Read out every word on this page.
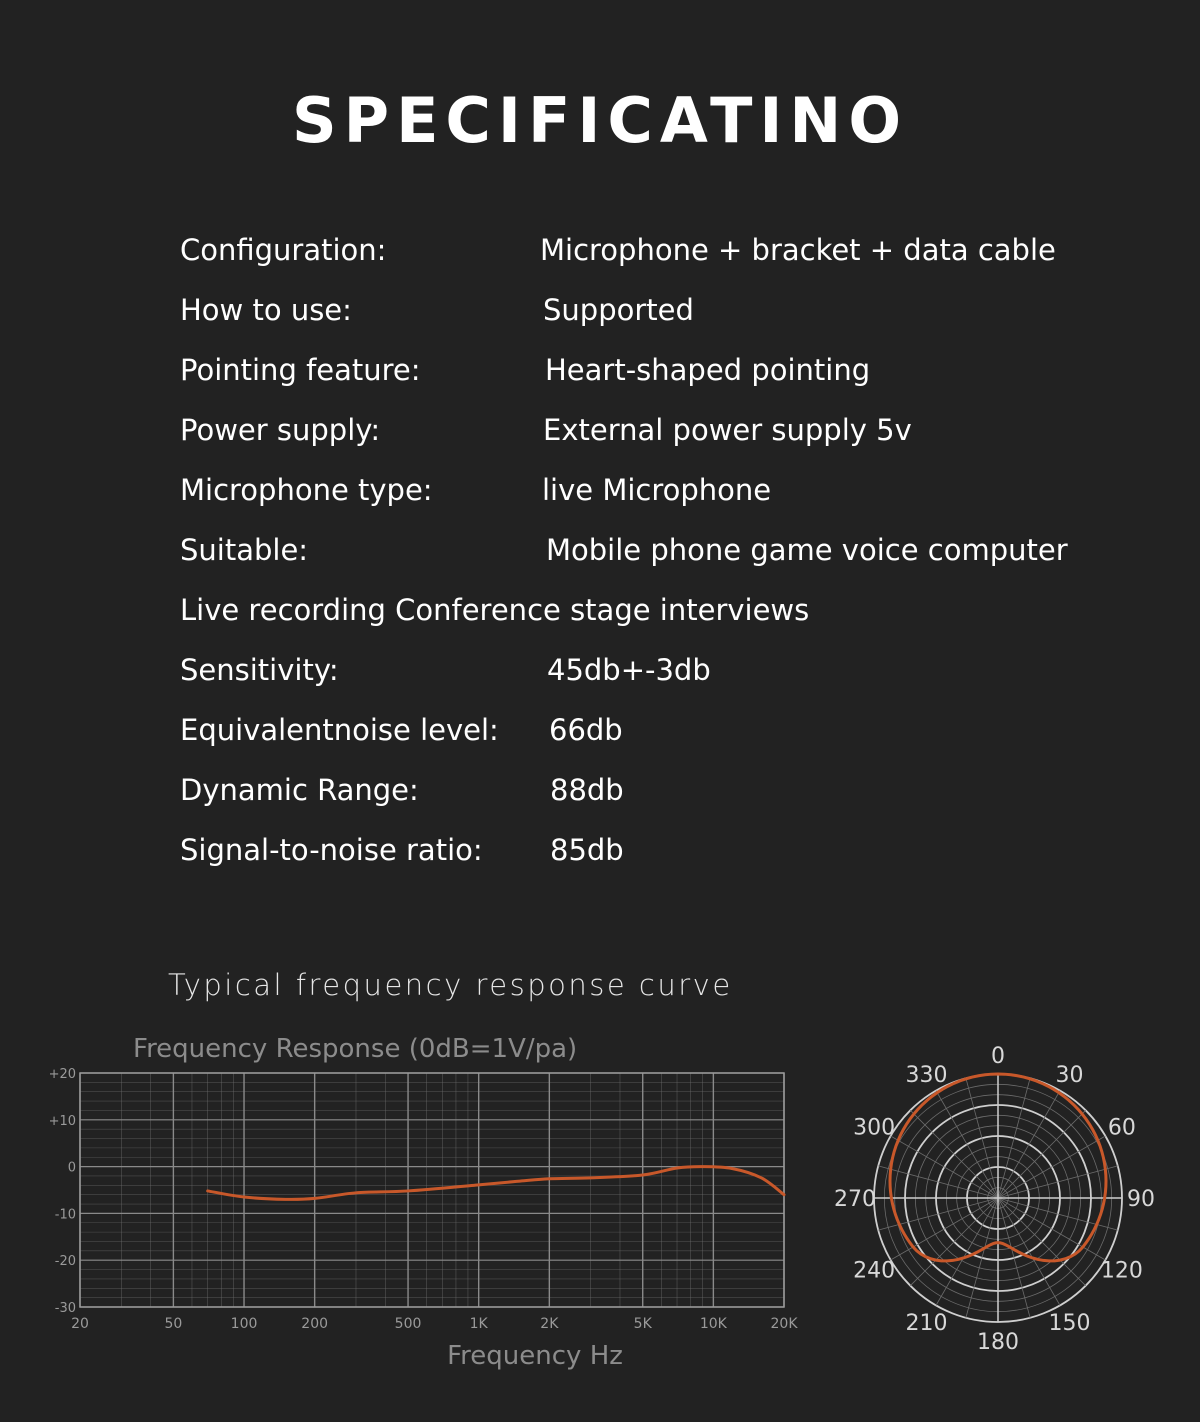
SPECIFICATINO
Configuration:	Microphone + bracket + data cable
How to use:	Supported
Pointing feature:	Heart-shaped pointing
Power supply:	External power supply 5v
Microphone type:	live Microphone
Suitable:	Mobile phone game voice computer
Live recording Conference stage interviews
Sensitivity:	45db+-3db
Equivalentnoise level: 66db
Dynamic Range:	88db
Signal-to-noise ratio: 85db
Typical frequency response curve
Frequency Response (0dB=1V/pa)
+20
+10
0
-10
-20
-30
20	50	100	200	500	1K	2K	5K	10K	20K
Frequency Hz
0
30
60
90
120
150
180
210
240
270
300
330
